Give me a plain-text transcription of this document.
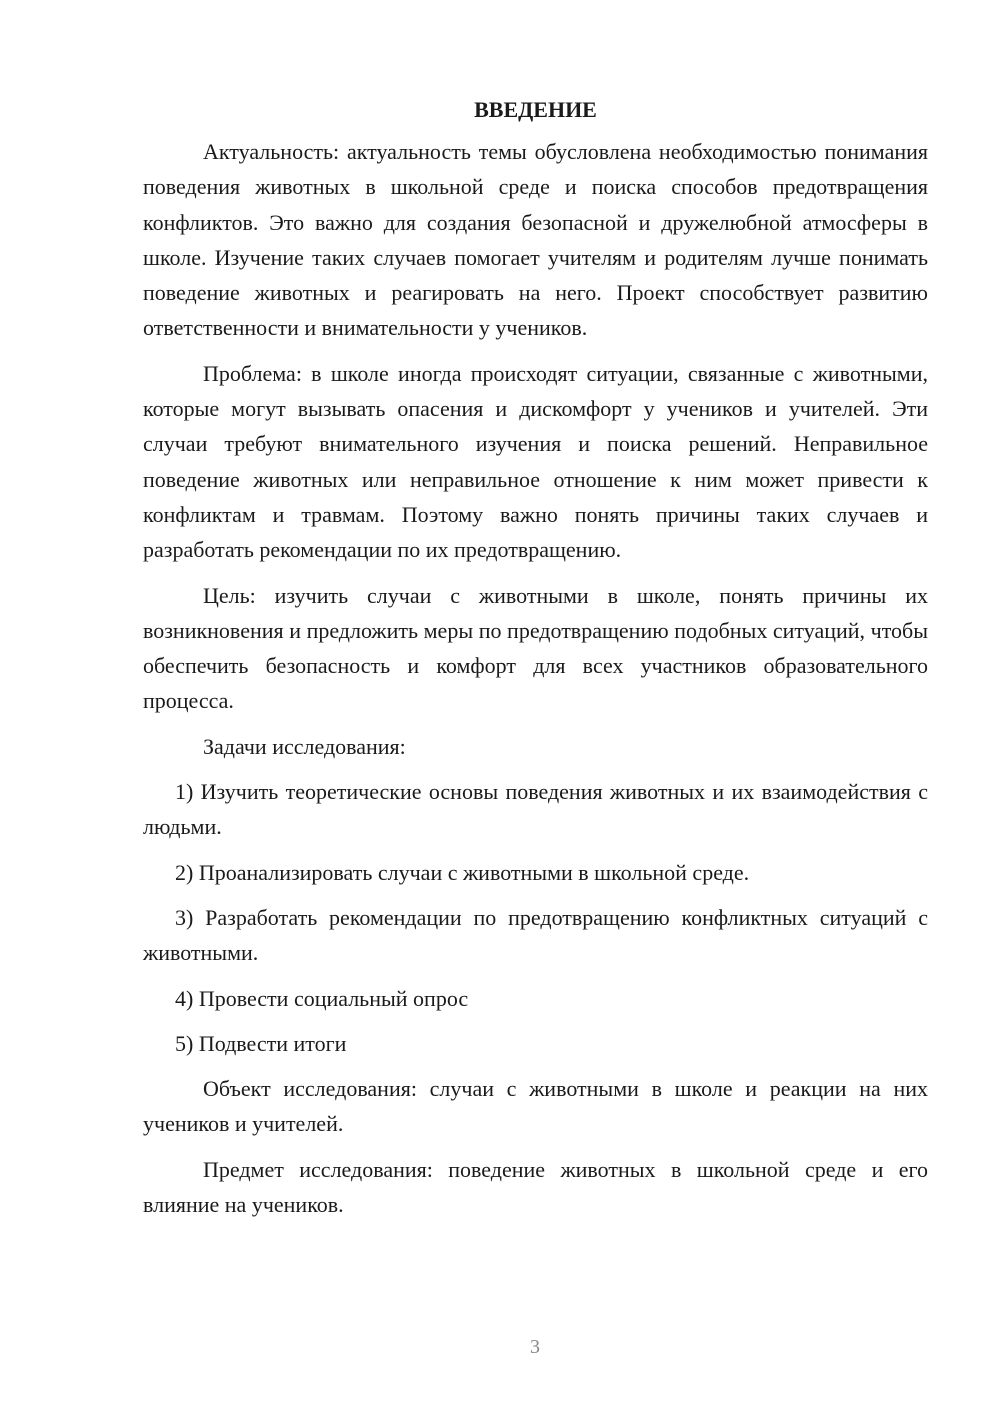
ВВЕДЕНИЕ

Актуальность: актуальность темы обусловлена необходимостью понимания поведения животных в школьной среде и поиска способов предотвращения конфликтов. Это важно для создания безопасной и дружелюбной атмосферы в школе. Изучение таких случаев помогает учителям и родителям лучше понимать поведение животных и реагировать на него. Проект способствует развитию ответственности и внимательности у учеников.

Проблема: в школе иногда происходят ситуации, связанные с животными, которые могут вызывать опасения и дискомфорт у учеников и учителей. Эти случаи требуют внимательного изучения и поиска решений. Неправильное поведение животных или неправильное отношение к ним может привести к конфликтам и травмам. Поэтому важно понять причины таких случаев и разработать рекомендации по их предотвращению.

Цель: изучить случаи с животными в школе, понять причины их возникновения и предложить меры по предотвращению подобных ситуаций, чтобы обеспечить безопасность и комфорт для всех участников образовательного процесса.

Задачи исследования:

1) Изучить теоретические основы поведения животных и их взаимодействия с людьми.

2) Проанализировать случаи с животными в школьной среде.

3) Разработать рекомендации по предотвращению конфликтных ситуаций с животными.

4) Провести социальный опрос

5) Подвести итоги

Объект исследования: случаи с животными в школе и реакции на них учеников и учителей.

Предмет исследования: поведение животных в школьной среде и его влияние на учеников.

3
